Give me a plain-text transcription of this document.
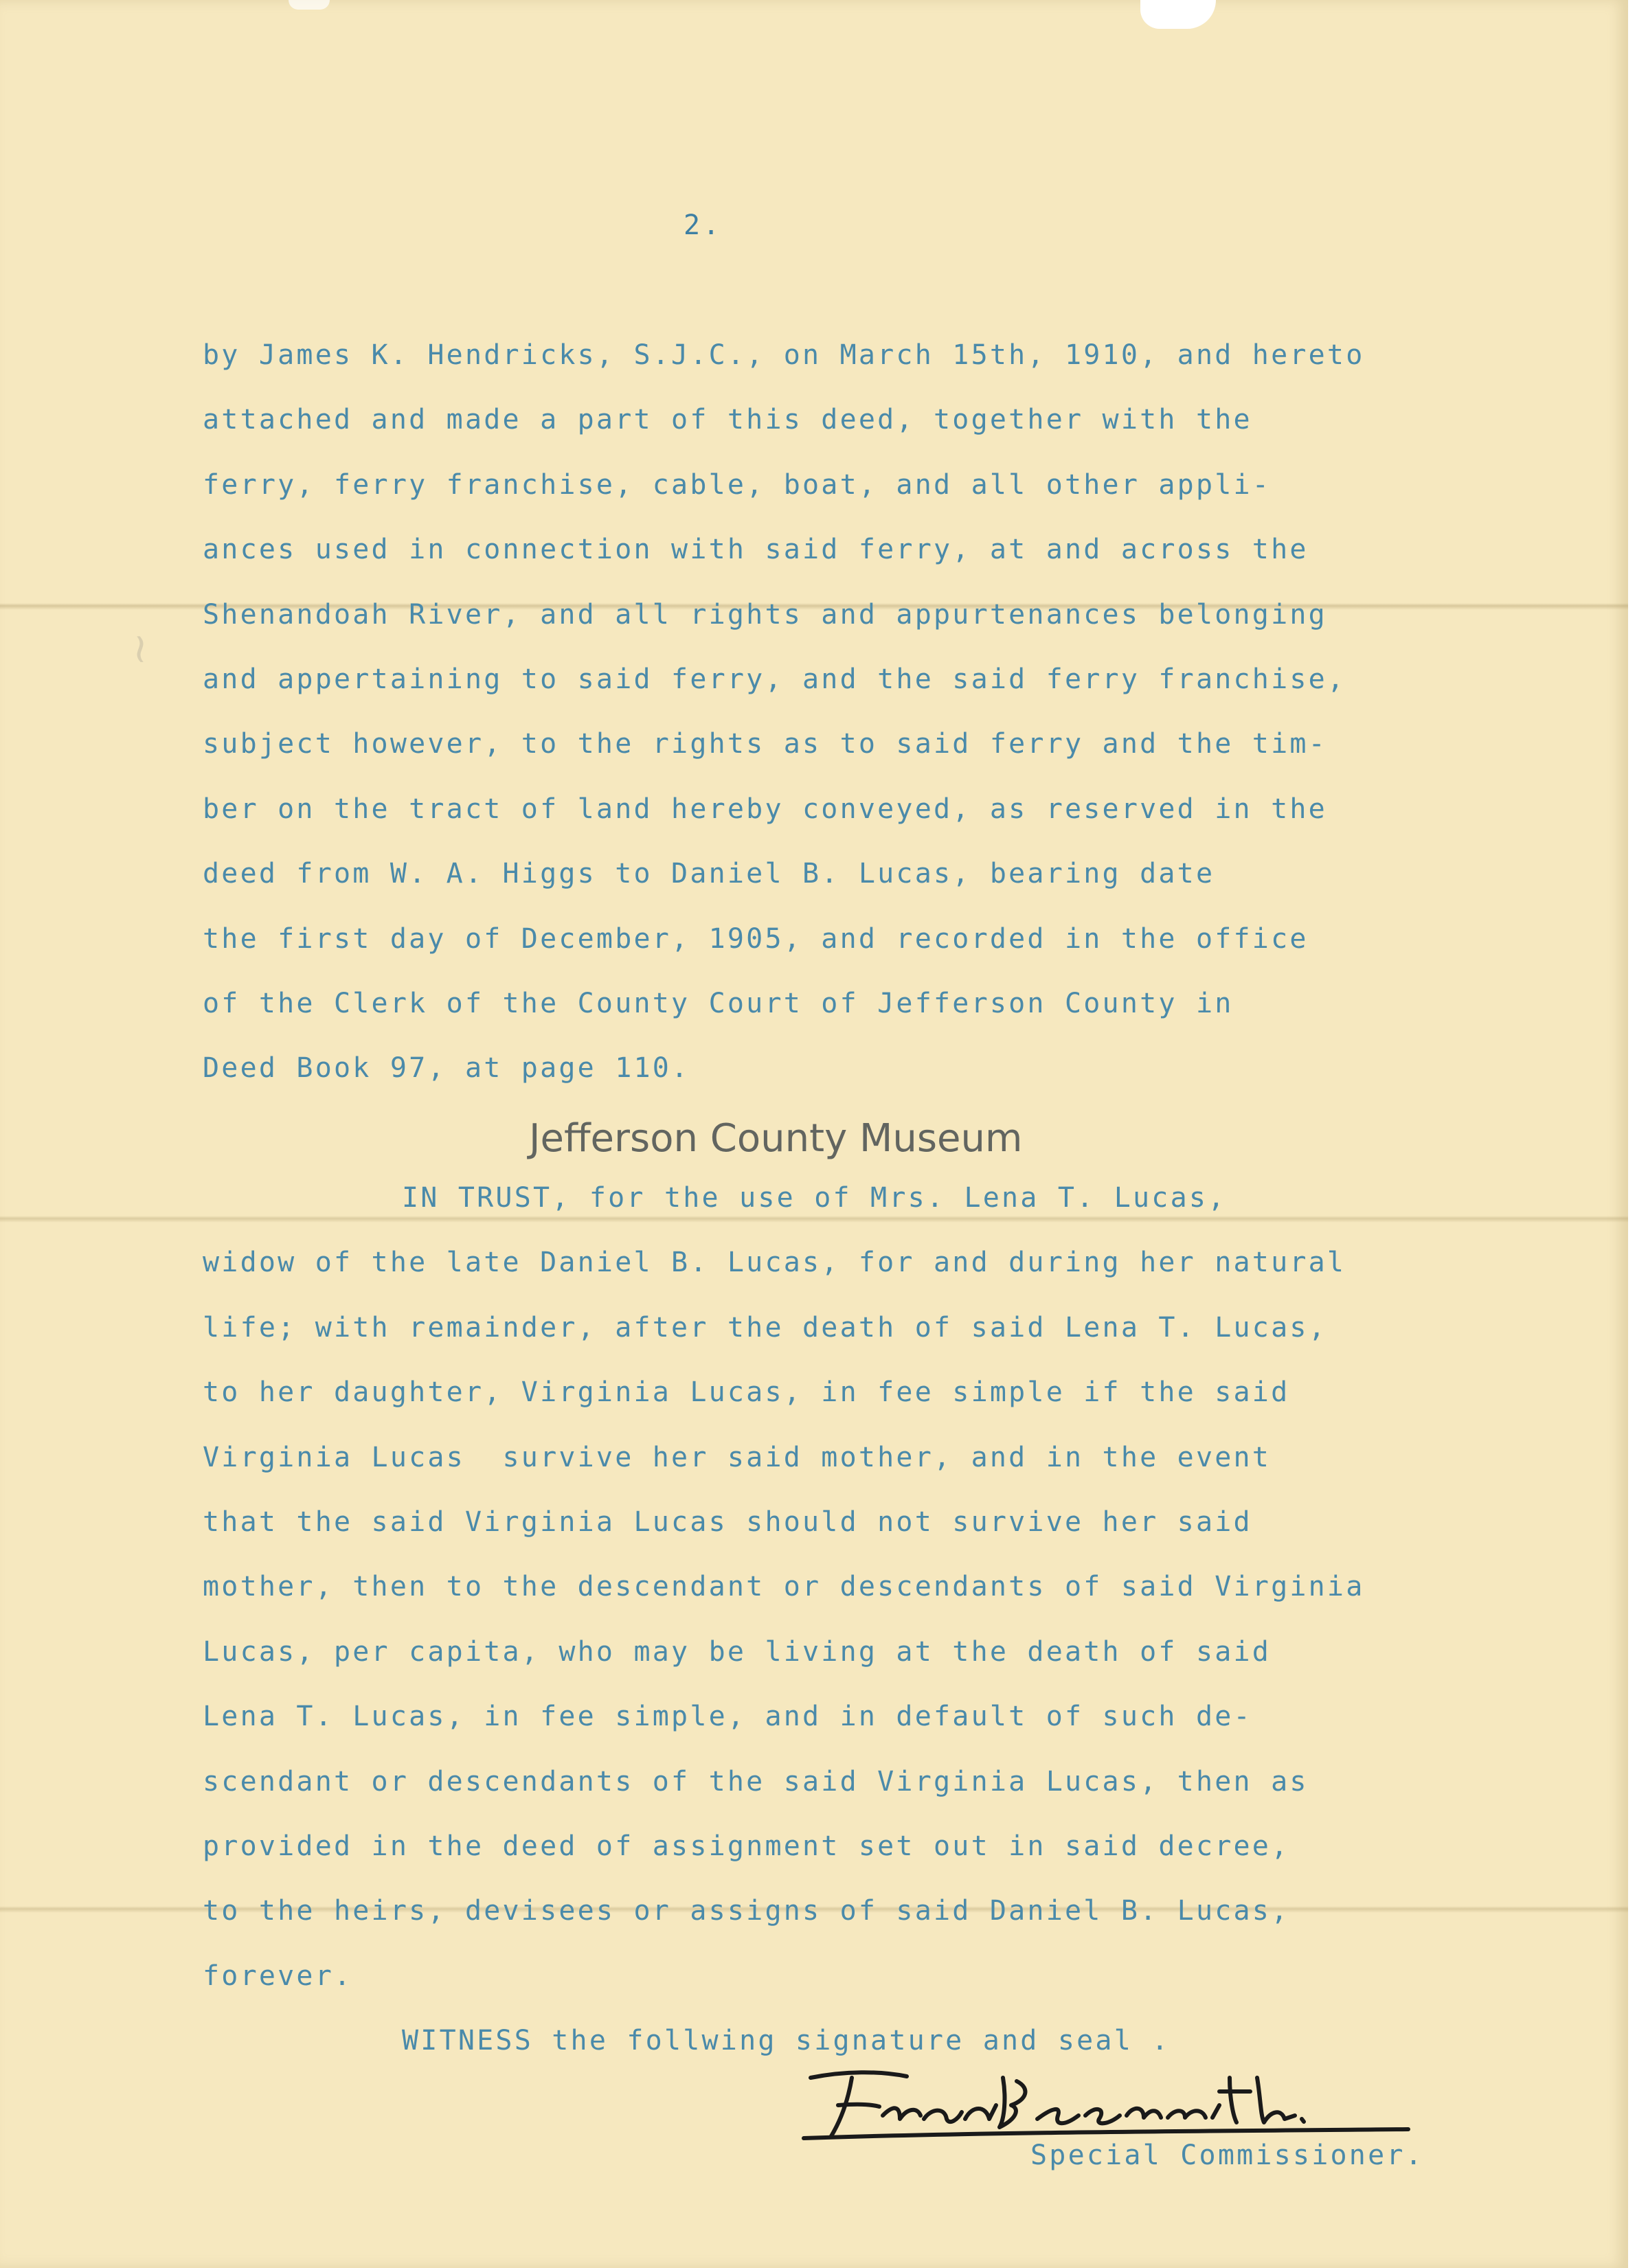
2.
by James K. Hendricks, S.J.C., on March 15th, 1910, and hereto
attached and made a part of this deed, together with the
ferry, ferry franchise, cable, boat, and all other appli-
ances used in connection with said ferry, at and across the
Shenandoah River, and all rights and appurtenances belonging
and appertaining to said ferry, and the said ferry franchise,
subject however, to the rights as to said ferry and the tim-
ber on the tract of land hereby conveyed, as reserved in the
deed from W. A. Higgs to Daniel B. Lucas, bearing date
the first day of December, 1905, and recorded in the office
of the Clerk of the County Court of Jefferson County in
Deed Book 97, at page 110.
IN TRUST, for the use of Mrs. Lena T. Lucas,
widow of the late Daniel B. Lucas, for and during her natural
life; with remainder, after the death of said Lena T. Lucas,
to her daughter, Virginia Lucas, in fee simple if the said
Virginia Lucas  survive her said mother, and in the event
that the said Virginia Lucas should not survive her said
mother, then to the descendant or descendants of said Virginia
Lucas, per capita, who may be living at the death of said
Lena T. Lucas, in fee simple, and in default of such de-
scendant or descendants of the said Virginia Lucas, then as
provided in the deed of assignment set out in said decree,
to the heirs, devisees or assigns of said Daniel B. Lucas,
forever.
WITNESS the follwing signature and seal .
Jefferson County Museum
Special Commissioner.
~
